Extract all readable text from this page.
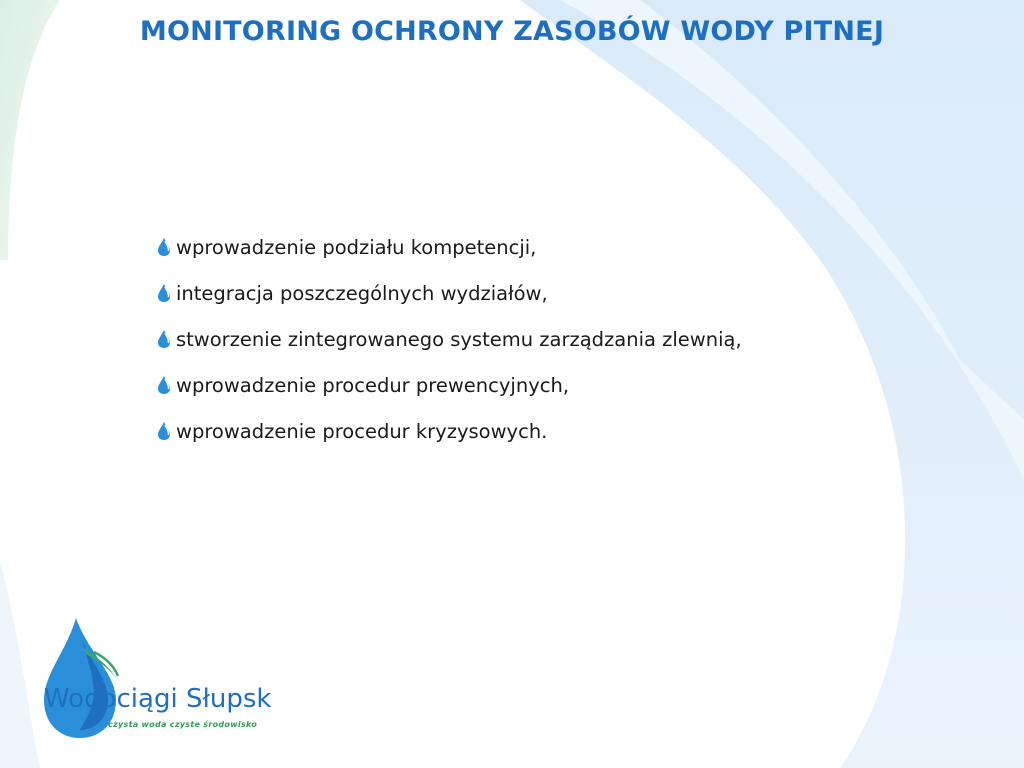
MONITORING OCHRONY ZASOBÓW WODY PITNEJ
wprowadzenie podziału kompetencji,
integracja poszczególnych wydziałów,
stworzenie zintegrowanego systemu zarządzania zlewnią,
wprowadzenie procedur prewencyjnych,
wprowadzenie procedur kryzysowych.
Wodociągi Słupsk
czysta woda czyste środowisko
